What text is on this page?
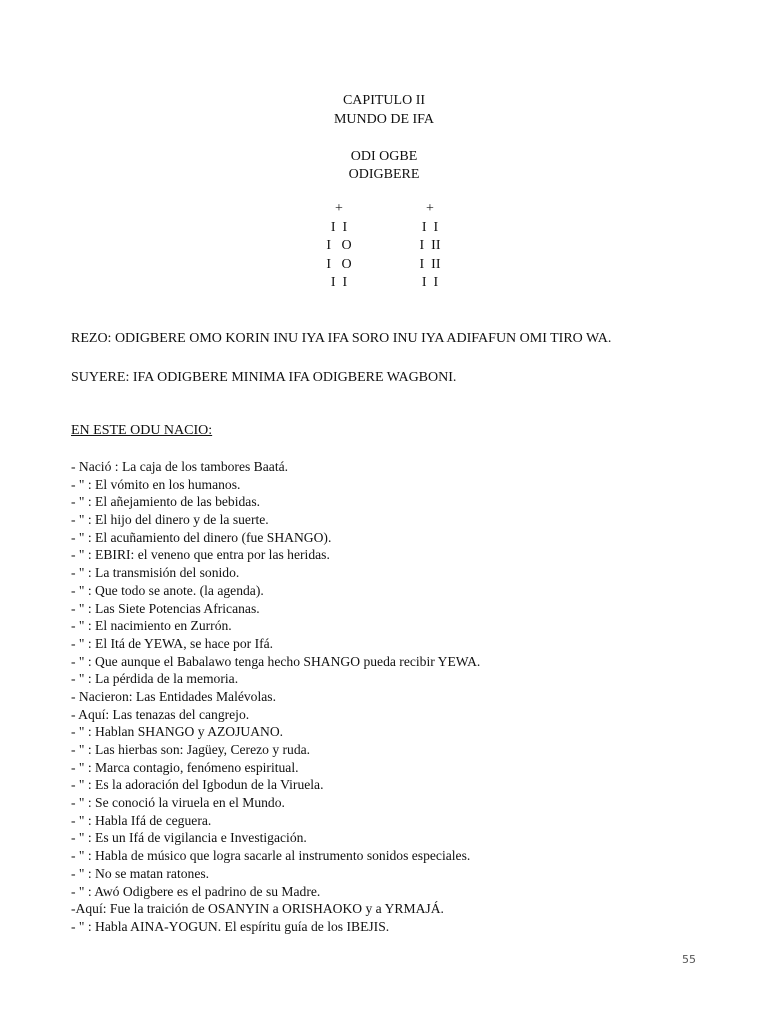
CAPITULO II
MUNDO DE IFA
ODI OGBE
ODIGBERE
+
I  I
I   O
I   O
I  I
+
I  I
I  II
I  II
I  I
REZO: ODIGBERE OMO KORIN INU IYA IFA SORO INU IYA ADIFAFUN OMI TIRO WA.
SUYERE: IFA ODIGBERE MINIMA IFA ODIGBERE WAGBONI.
EN ESTE ODU NACIO:
- Nació : La caja de los tambores Baatá.
- " : El vómito en los humanos.
- " : El añejamiento de las bebidas.
- " : El hijo del dinero y de la suerte.
- " : El acuñamiento del dinero (fue SHANGO).
- " : EBIRI: el veneno que entra por las heridas.
- " : La transmisión del sonido.
- " : Que todo se anote. (la agenda).
- " : Las Siete Potencias Africanas.
- " : El nacimiento en Zurrón.
- " : El Itá de YEWA, se hace por Ifá.
- " : Que aunque el Babalawo tenga hecho SHANGO pueda recibir YEWA.
- " : La pérdida de la memoria.
- Nacieron: Las Entidades Malévolas.
- Aquí: Las tenazas del cangrejo.
- " : Hablan SHANGO y AZOJUANO.
- " : Las hierbas son: Jagüey, Cerezo y ruda.
- " : Marca contagio, fenómeno espiritual.
- " : Es la adoración del Igbodun de la Viruela.
- " : Se conoció la viruela en el Mundo.
- " : Habla Ifá de ceguera.
- " : Es un Ifá de vigilancia e Investigación.
- " : Habla de músico que logra sacarle al instrumento sonidos especiales.
- " : No se matan ratones.
- " : Awó Odigbere es el padrino de su Madre.
-Aquí: Fue la traición de OSANYIN a ORISHAOKO y a YRMAJÁ.
- " : Habla AINA-YOGUN. El espíritu guía de los IBEJIS.
55
